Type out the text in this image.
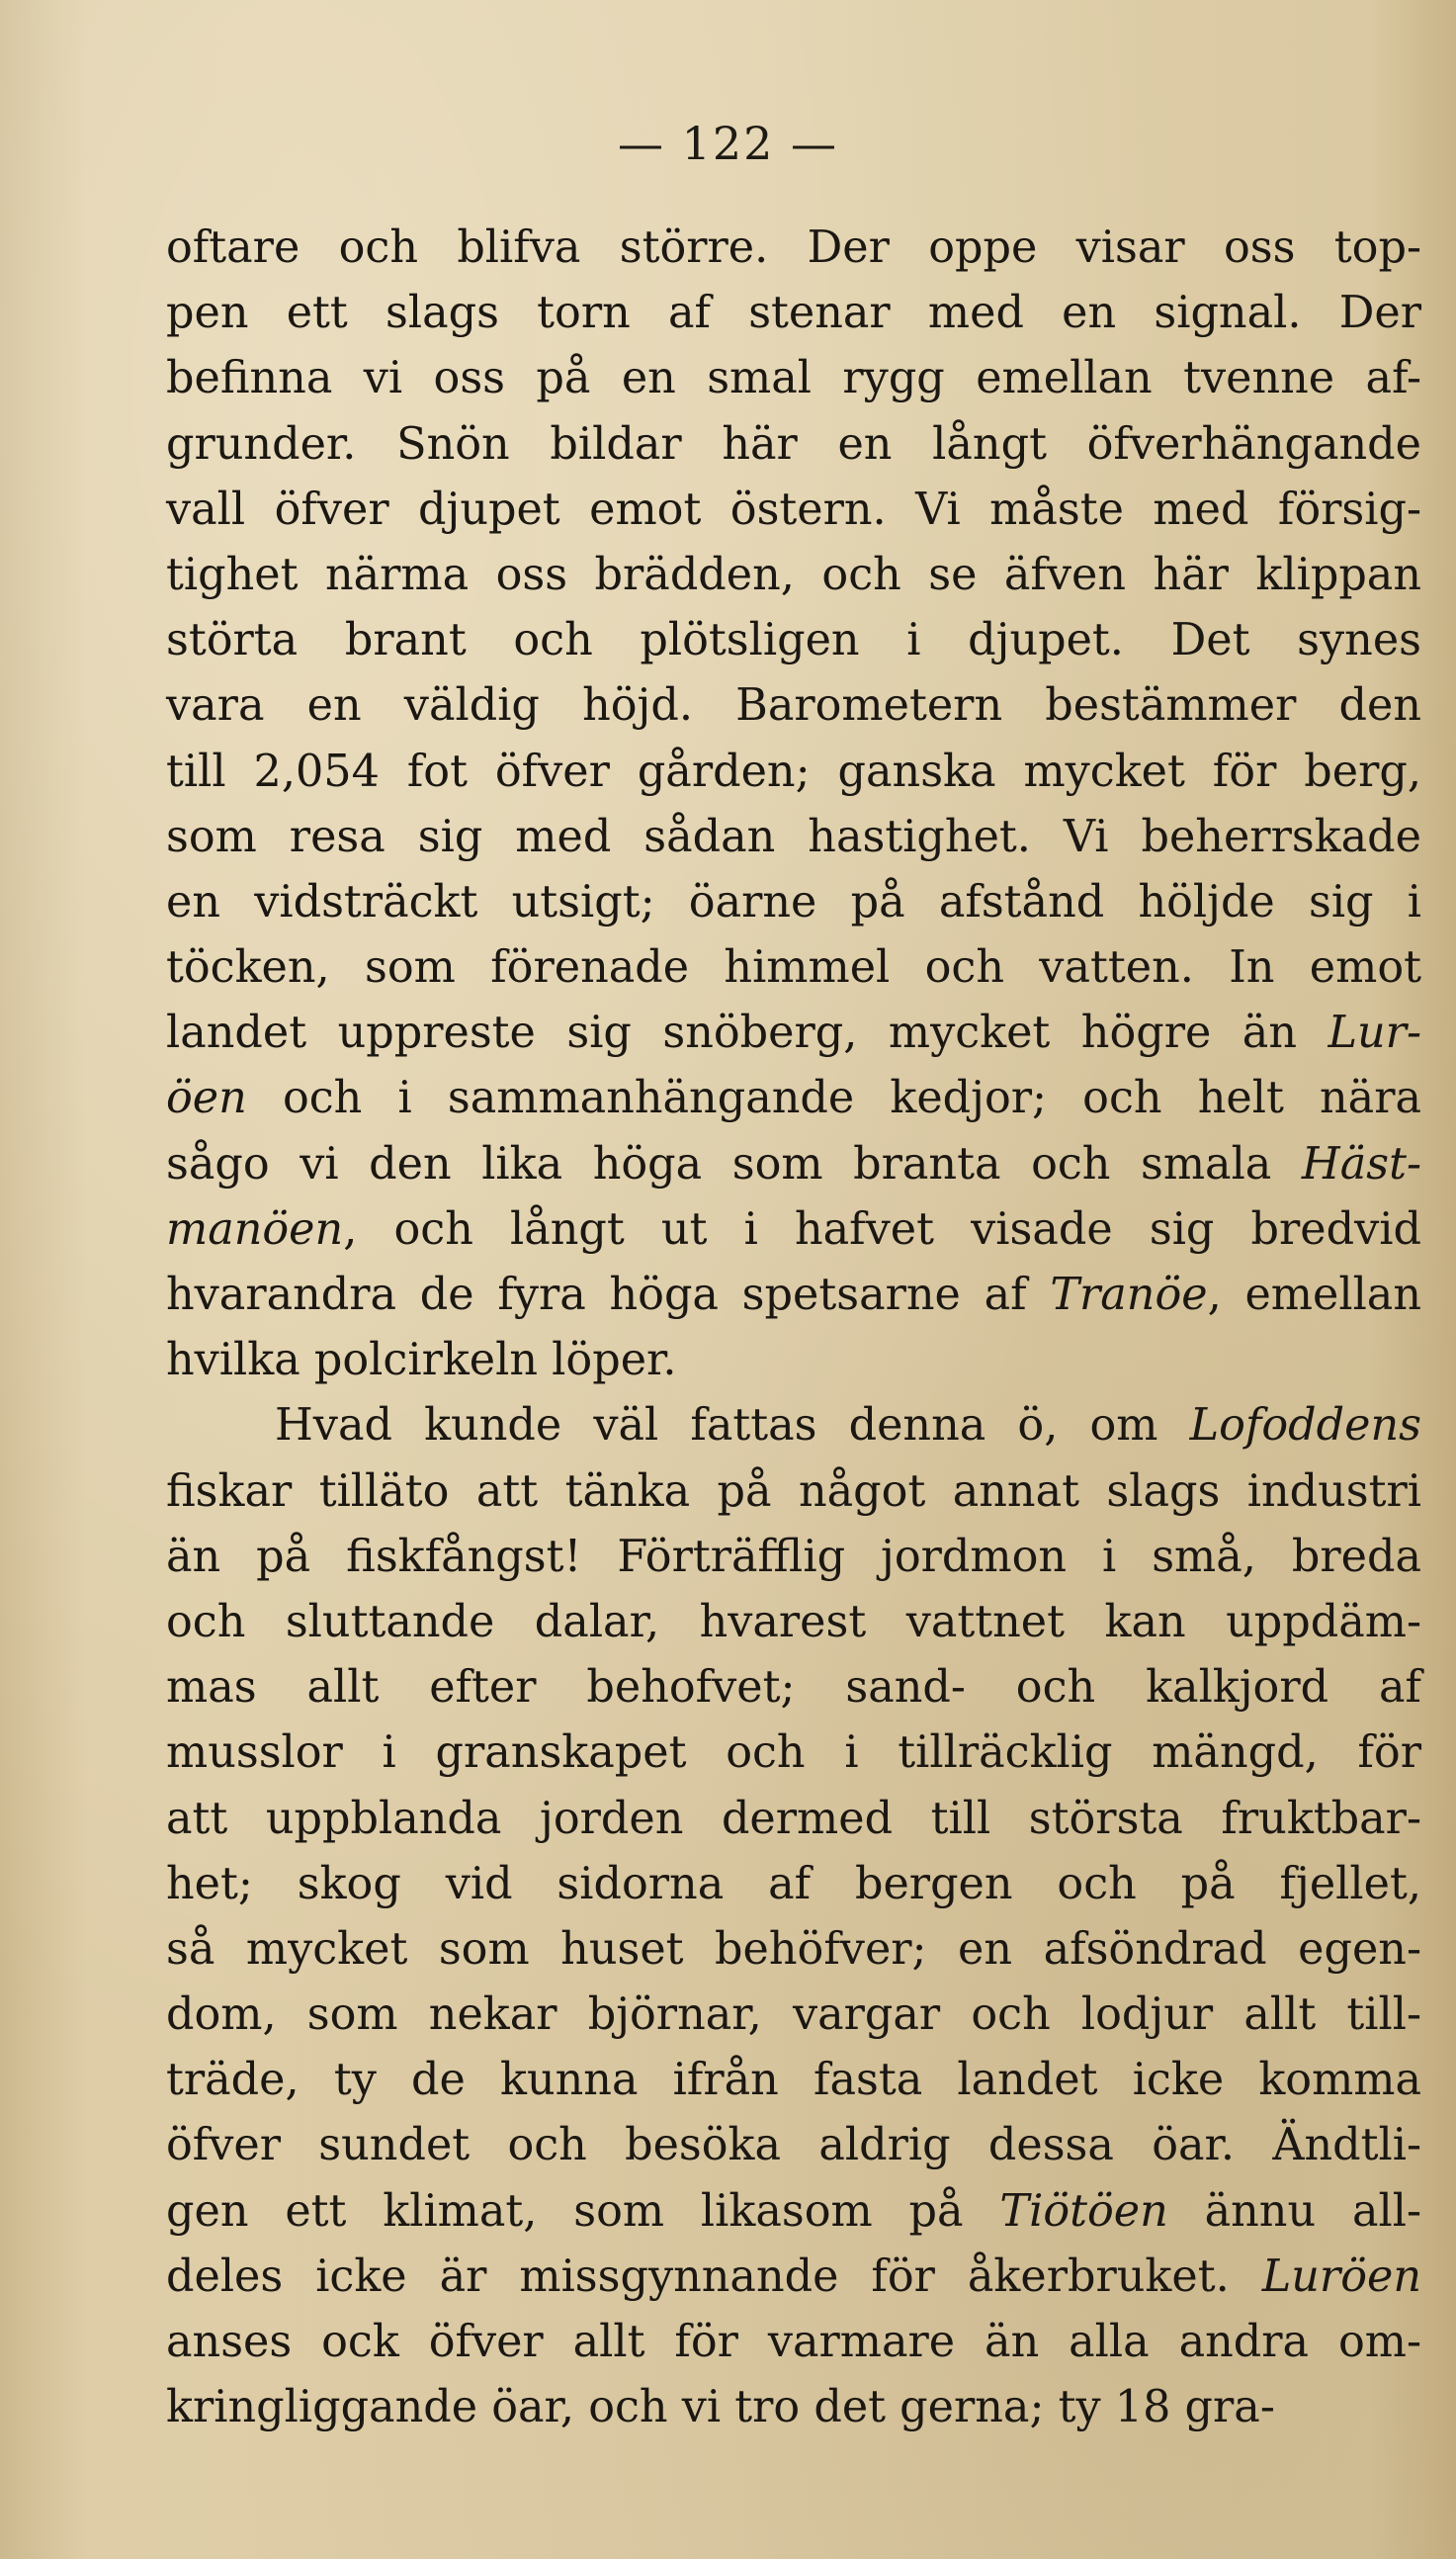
— 122 —
oftare och blifva större. Der oppe visar oss top-
pen ett slags torn af stenar med en signal. Der
befinna vi oss på en smal rygg emellan tvenne af-
grunder. Snön bildar här en långt öfverhängande
vall öfver djupet emot östern. Vi måste med försig-
tighet närma oss brädden, och se äfven här klippan
störta brant och plötsligen i djupet. Det synes
vara en väldig höjd. Barometern bestämmer den
till 2,054 fot öfver gården; ganska mycket för berg,
som resa sig med sådan hastighet. Vi beherrskade
en vidsträckt utsigt; öarne på afstånd höljde sig i
töcken, som förenade himmel och vatten. In emot
landet uppreste sig snöberg, mycket högre än Lur-
öen och i sammanhängande kedjor; och helt nära
sågo vi den lika höga som branta och smala Häst-
manöen, och långt ut i hafvet visade sig bredvid
hvarandra de fyra höga spetsarne af Tranöe, emellan
hvilka polcirkeln löper.
Hvad kunde väl fattas denna ö, om Lofoddens
fiskar tilläto att tänka på något annat slags industri
än på fiskfångst! Förträfflig jordmon i små, breda
och sluttande dalar, hvarest vattnet kan uppdäm-
mas allt efter behofvet; sand- och kalkjord af
musslor i granskapet och i tillräcklig mängd, för
att uppblanda jorden dermed till största fruktbar-
het; skog vid sidorna af bergen och på fjellet,
så mycket som huset behöfver; en afsöndrad egen-
dom, som nekar björnar, vargar och lodjur allt till-
träde, ty de kunna ifrån fasta landet icke komma
öfver sundet och besöka aldrig dessa öar. Ändtli-
gen ett klimat, som likasom på Tiötöen ännu all-
deles icke är missgynnande för åkerbruket. Luröen
anses ock öfver allt för varmare än alla andra om-
kringliggande öar, och vi tro det gerna; ty 18 gra-
